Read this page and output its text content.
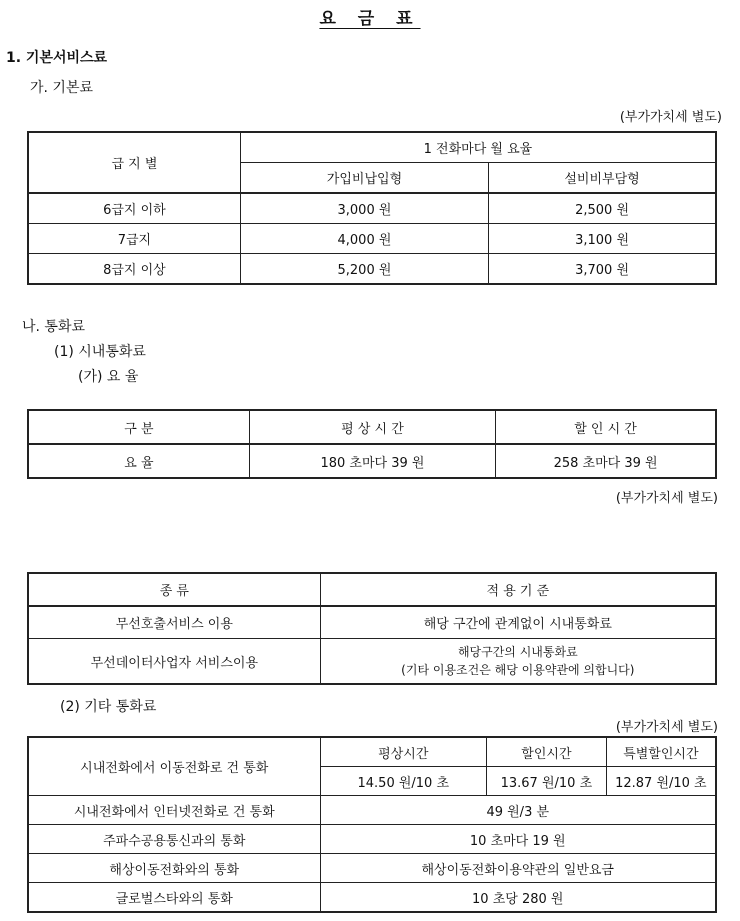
요 금 표
1. 기본서비스료
가. 기본료
(부가가치세 별도)
급 지 별	1 전화마다 월 요율	
	가입비납입형	설비비부담형
6급지 이하	3,000 원	2,500 원
7급지	4,000 원	3,100 원
8급지 이상	5,200 원	3,700 원
나. 통화료
(1) 시내통화료
(가) 요 율
구 분	평 상 시 간	할 인 시 간
요 율	180 초마다 39 원	258 초마다 39 원
(부가가치세 별도)
종 류	적 용 기 준
무선호출서비스 이용	해당 구간에 관계없이 시내통화료
무선데이터사업자 서비스이용	해당구간의 시내통화료
(기타 이용조건은 해당 이용약관에 의합니다)
(2) 기타 통화료
(부가가치세 별도)
시내전화에서 이동전화로 건 통화	평상시간	할인시간	특별할인시간
	14.50 원/10 초	13.67 원/10 초	12.87 원/10 초
시내전화에서 인터넷전화로 건 통화	49 원/3 분		
주파수공용통신과의 통화	10 초마다 19 원		
해상이동전화와의 통화	해상이동전화이용약관의 일반요금		
글로벌스타와의 통화	10 초당 280 원		
